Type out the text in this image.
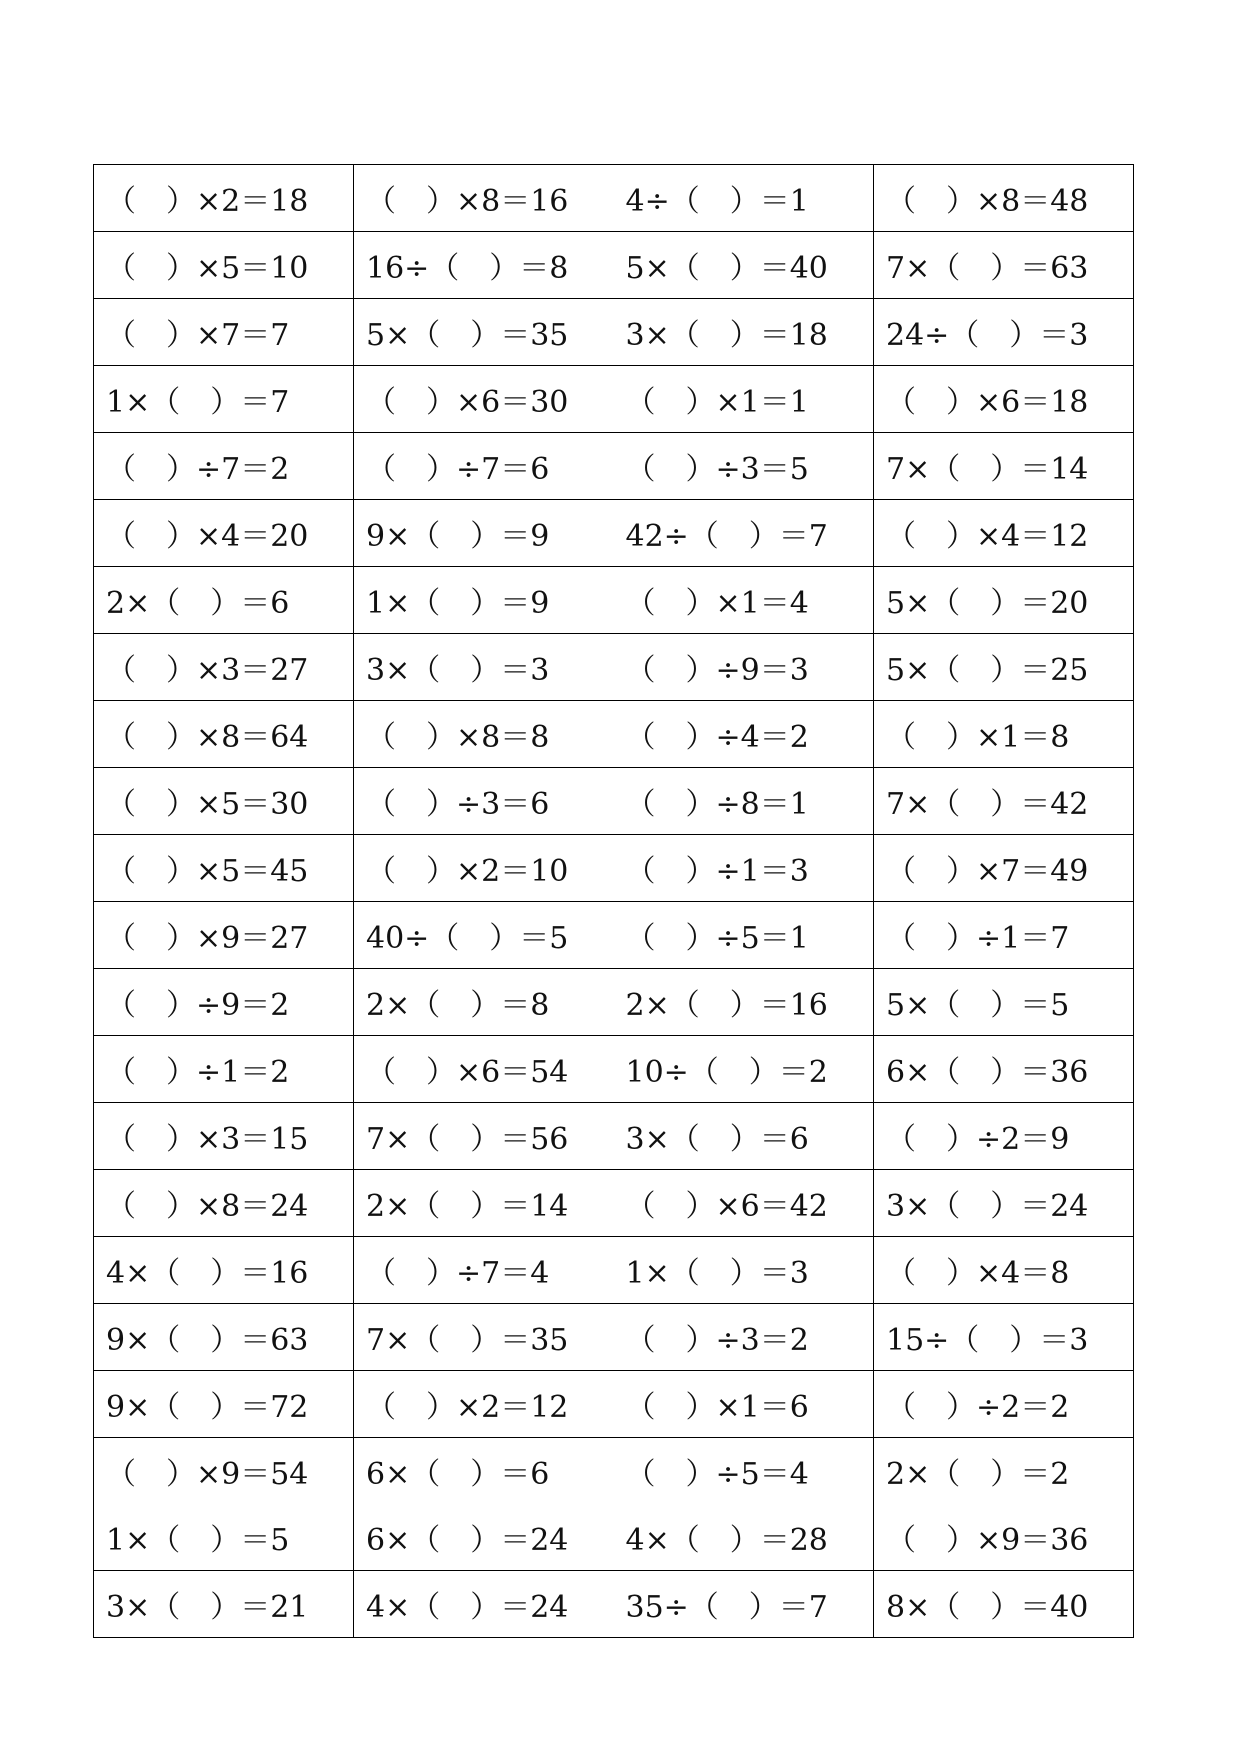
（　）×2＝18	（　）×8＝16	4÷（　）＝1	（　）×8＝48
（　）×5＝10	16÷（　）＝8	5×（　）＝40	7×（　）＝63
（　）×7＝7	5×（　）＝35	3×（　）＝18	24÷（　）＝3
1×（　）＝7	（　）×6＝30	（　）×1＝1	（　）×6＝18
（　）÷7＝2	（　）÷7＝6	（　）÷3＝5	7×（　）＝14
（　）×4＝20	9×（　）＝9	42÷（　）＝7	（　）×4＝12
2×（　）＝6	1×（　）＝9	（　）×1＝4	5×（　）＝20
（　）×3＝27	3×（　）＝3	（　）÷9＝3	5×（　）＝25
（　）×8＝64	（　）×8＝8	（　）÷4＝2	（　）×1＝8
（　）×5＝30	（　）÷3＝6	（　）÷8＝1	7×（　）＝42
（　）×5＝45	（　）×2＝10	（　）÷1＝3	（　）×7＝49
（　）×9＝27	40÷（　）＝5	（　）÷5＝1	（　）÷1＝7
（　）÷9＝2	2×（　）＝8	2×（　）＝16	5×（　）＝5
（　）÷1＝2	（　）×6＝54	10÷（　）＝2	6×（　）＝36
（　）×3＝15	7×（　）＝56	3×（　）＝6	（　）÷2＝9
（　）×8＝24	2×（　）＝14	（　）×6＝42	3×（　）＝24
4×（　）＝16	（　）÷7＝4	1×（　）＝3	（　）×4＝8
9×（　）＝63	7×（　）＝35	（　）÷3＝2	15÷（　）＝3
9×（　）＝72	（　）×2＝12	（　）×1＝6	（　）÷2＝2
（　）×9＝54	6×（　）＝6	（　）÷5＝4	2×（　）＝2
1×（　）＝5	6×（　）＝24	4×（　）＝28	（　）×9＝36
3×（　）＝21	4×（　）＝24	35÷（　）＝7	8×（　）＝40
